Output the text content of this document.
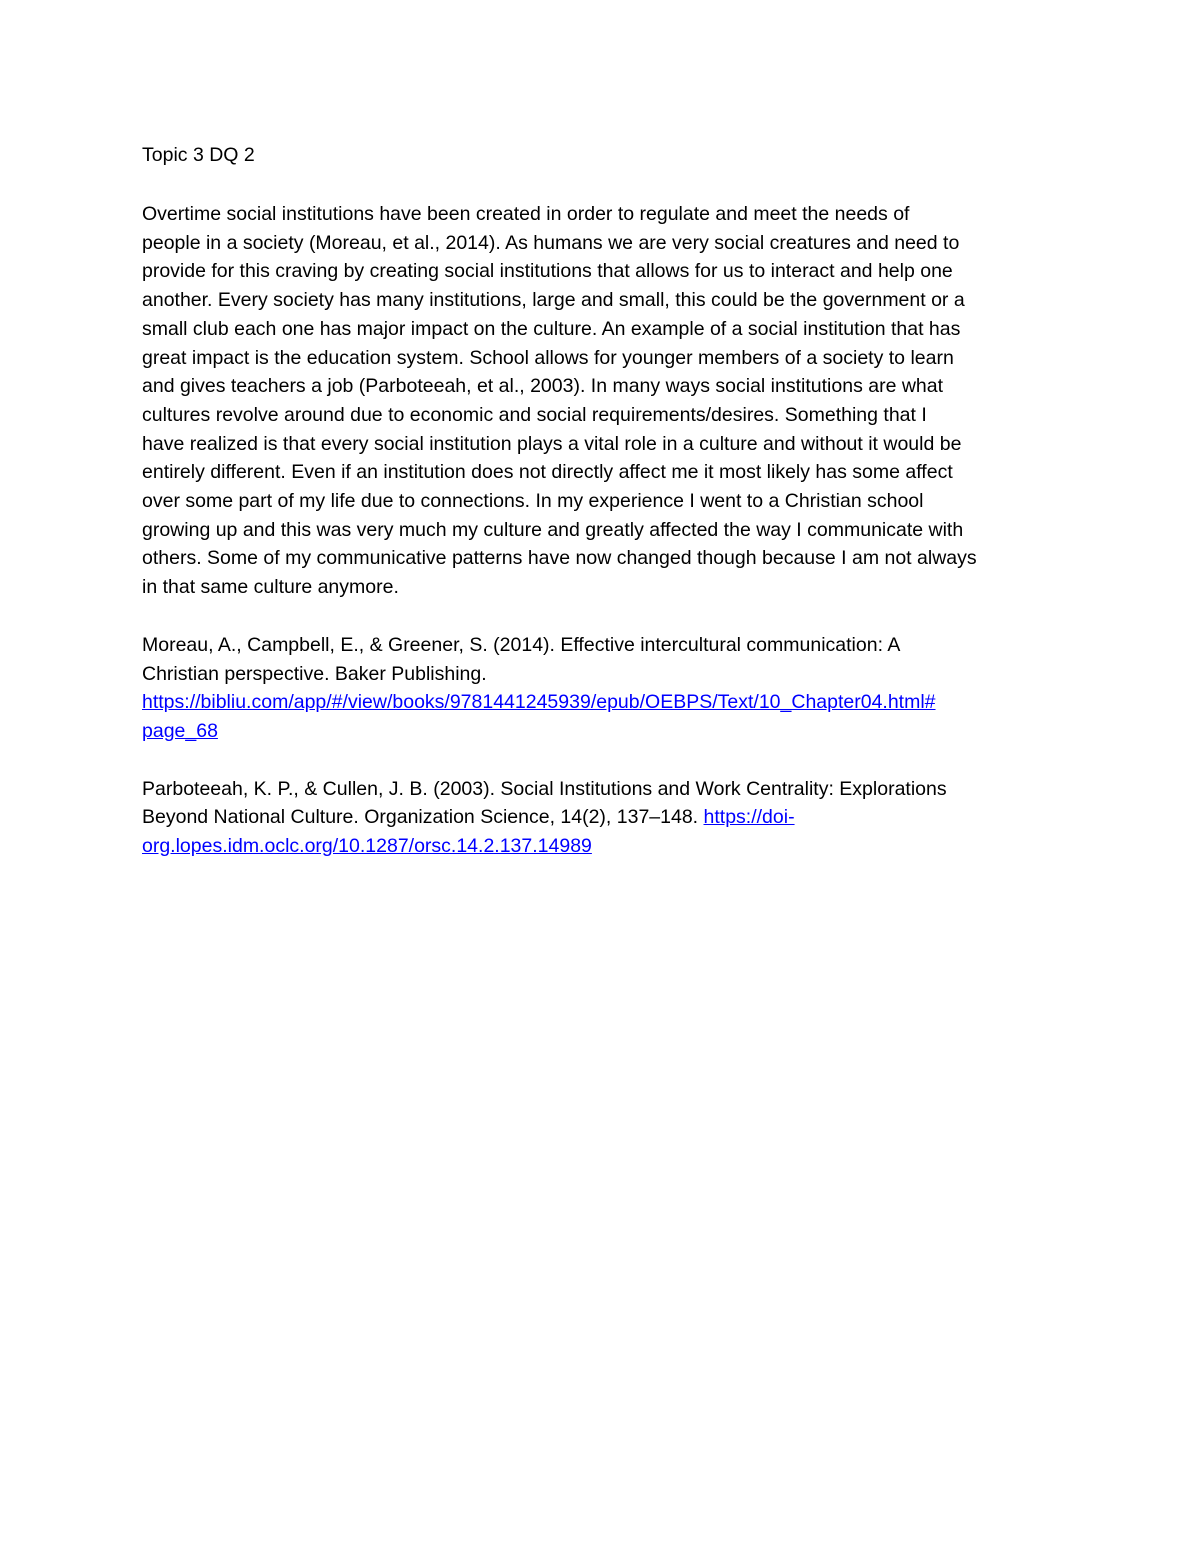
Topic 3 DQ 2

Overtime social institutions have been created in order to regulate and meet the needs of
people in a society (Moreau, et al., 2014). As humans we are very social creatures and need to
provide for this craving by creating social institutions that allows for us to interact and help one
another. Every society has many institutions, large and small, this could be the government or a
small club each one has major impact on the culture. An example of a social institution that has
great impact is the education system. School allows for younger members of a society to learn
and gives teachers a job (Parboteeah, et al., 2003). In many ways social institutions are what
cultures revolve around due to economic and social requirements/desires. Something that I
have realized is that every social institution plays a vital role in a culture and without it would be
entirely different. Even if an institution does not directly affect me it most likely has some affect
over some part of my life due to connections. In my experience I went to a Christian school
growing up and this was very much my culture and greatly affected the way I communicate with
others. Some of my communicative patterns have now changed though because I am not always
in that same culture anymore.

Moreau, A., Campbell, E., & Greener, S. (2014). Effective intercultural communication: A
Christian perspective. Baker Publishing.
https://bibliu.com/app/#/view/books/9781441245939/epub/OEBPS/Text/10_Chapter04.html#
page_68

Parboteeah, K. P., & Cullen, J. B. (2003). Social Institutions and Work Centrality: Explorations
Beyond National Culture. Organization Science, 14(2), 137–148. https://doi-
org.lopes.idm.oclc.org/10.1287/orsc.14.2.137.14989
